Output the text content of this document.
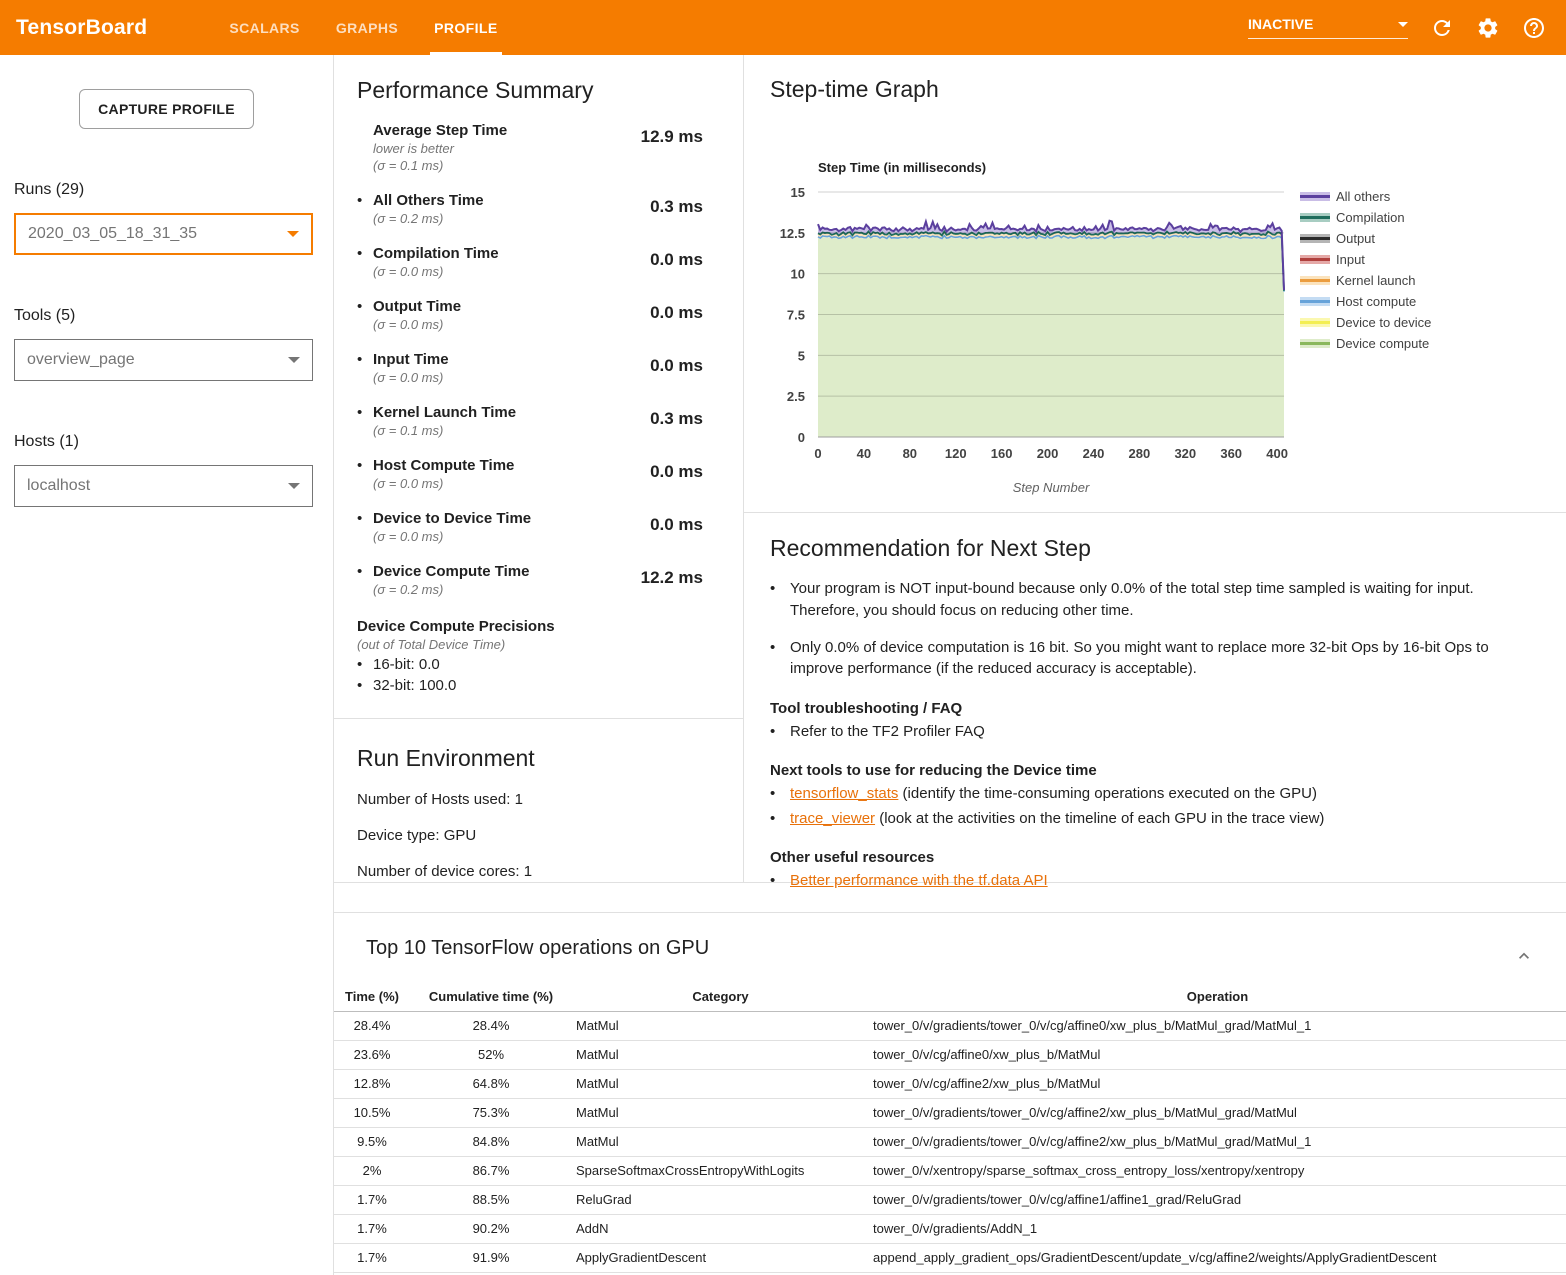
TensorBoard	SCALARS	GRAPHS	PROFILE	INACTIVE
CAPTURE PROFILE
Runs (29)
2020_03_05_18_31_35
Tools (5)
overview_page
Hosts (1)
localhost
Performance Summary
Average Step Time
lower is better
(σ = 0.1 ms)
12.9 ms
• All Others Time
(σ = 0.2 ms)
0.3 ms
• Compilation Time
(σ = 0.0 ms)
0.0 ms
• Output Time
(σ = 0.0 ms)
0.0 ms
• Input Time
(σ = 0.0 ms)
0.0 ms
• Kernel Launch Time
(σ = 0.1 ms)
0.3 ms
• Host Compute Time
(σ = 0.0 ms)
0.0 ms
• Device to Device Time
(σ = 0.0 ms)
0.0 ms
• Device Compute Time
(σ = 0.2 ms)
12.2 ms
Device Compute Precisions
(out of Total Device Time)
• 16-bit: 0.0
• 32-bit: 100.0
Run Environment
Number of Hosts used: 1
Device type: GPU
Number of device cores: 1
Step-time Graph
0
2.5
5
7.5
10
12.5
15
0	40 80 120 160 200 240 280 320 360 400
Step Time (in milliseconds)
Step Number
All others
Compilation
Output
Input
Kernel launch
Host compute
Device to device
Device compute
Recommendation for Next Step
• Your program is NOT input-bound because only 0.0% of the total step time sampled is waiting for input. Therefore, you should focus on reducing other time.
• Only 0.0% of device computation is 16 bit. So you might want to replace more 32-bit Ops by 16-bit Ops to improve performance (if the reduced accuracy is acceptable).
Tool troubleshooting / FAQ
• Refer to the TF2 Profiler FAQ
Next tools to use for reducing the Device time
• tensorflow_stats (identify the time-consuming operations executed on the GPU)
• trace_viewer (look at the activities on the timeline of each GPU in the trace view)
Other useful resources
• Better performance with the tf.data API
Top 10 TensorFlow operations on GPU
Time (%)	Cumulative time (%)	Category	Operation
28.4%	28.4%	MatMul	tower_0/v/gradients/tower_0/v/cg/affine0/xw_plus_b/MatMul_grad/MatMul_1
23.6%	52%	MatMul	tower_0/v/cg/affine0/xw_plus_b/MatMul
12.8%	64.8%	MatMul	tower_0/v/cg/affine2/xw_plus_b/MatMul
10.5%	75.3%	MatMul	tower_0/v/gradients/tower_0/v/cg/affine2/xw_plus_b/MatMul_grad/MatMul
9.5%	84.8%	MatMul	tower_0/v/gradients/tower_0/v/cg/affine2/xw_plus_b/MatMul_grad/MatMul_1
2%	86.7%	SparseSoftmaxCrossEntropyWithLogits	tower_0/v/xentropy/sparse_softmax_cross_entropy_loss/xentropy/xentropy
1.7%	88.5%	ReluGrad	tower_0/v/gradients/tower_0/v/cg/affine1/affine1_grad/ReluGrad
1.7%	90.2%	AddN	tower_0/v/gradients/AddN_1
1.7%	91.9%	ApplyGradientDescent	append_apply_gradient_ops/GradientDescent/update_v/cg/affine2/weights/ApplyGradientDescent
